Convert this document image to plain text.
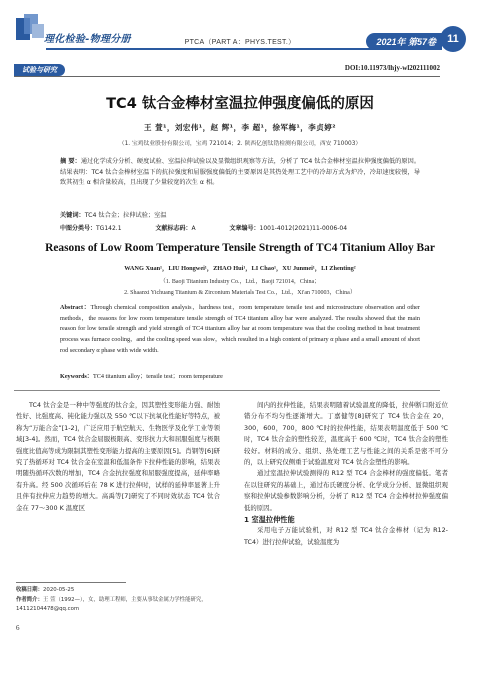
理化检验-物理分册	PTCA（PART A：PHYS.TEST.）	2021年 第57卷	11
试验与研究	DOI:10.11973/lhjy-wl202111002
TC4 钛合金棒材室温拉伸强度偏低的原因
王 萱¹，刘宏伟¹，赵 辉¹，李 超¹，徐军梅¹，李贞婷²
（1. 宝鸡钛业股份有限公司，宝鸡 721014；2. 陕西亿创钛锆检测有限公司，西安 710003）
摘 要：通过化学成分分析、硬度试验、室温拉伸试验以及显微组织观察等方法，分析了 TC4 钛合金棒材室温拉伸强度偏低的原因。结果表明：TC4 钛合金棒材室温下的抗拉强度和屈服强度偏低的主要原因是其热处理工艺中的冷却方式为炉冷，冷却速度较慢，导致其初生 α 相含量较高，且出现了少量较宽的次生 α 相。
关键词：TC4 钛合金；拉伸试验；室温
中图分类号：TG142.1	文献标志码：A	文章编号：1001-4012(2021)11-0006-04
Reasons of Low Room Temperature Tensile Strength of TC4 Titanium Alloy Bar
WANG Xuan¹，LIU Hongwei¹，ZHAO Hui¹，LI Chao¹，XU Junmei¹，LI Zhenting²
（1. Baoji Titanium Industry Co.，Ltd.，Baoji 721014，China；
2. Shaanxi Yichuang Titanium & Zirconium Materials Test Co.，Ltd.，Xi'an 710003，China）
Abstract：Through chemical composition analysis，hardness test，room temperature tensile test and microstructure observation and other methods，the reasons for low room temperature tensile strength of TC4 titanium alloy bar were analyzed. The results showed that the main reason for low tensile strength and yield strength of TC4 titanium alloy bar at room temperature was that the cooling method in heat treatment process was furnace cooling，and the cooling speed was slow，which resulted in a high content of primary α phase and a small amount of short rod secondary α phase with wide width.
Keywords：TC4 titanium alloy；tensile test；room temperature

TC4 钛合金是一种中等强度的钛合金，因其塑性变形能力强、耐蚀性好、比强度高、钝化能力强以及 550 ℃以下抗氧化性能好等特点，被称为“万能合金”[1-2]，广泛应用于航空航天、生物医学及化学工业等领域[3-4]。然而，TC4 钛合金屈服极限高、变形抗力大和屈服强度与极限强度比值高等成为限制其塑性变形能力提高的主要原因[5]。肖钢等[6]研究了热循环对 TC4 钛合金在室温和低温条件下拉伸性能的影响，结果表明随热循环次数的增加，TC4 合金抗拉强度和屈服强度提高，延伸率略有升高。经 500 次循环后在 78 K 进行拉伸时，试样的延伸率显著上升且伴有拉伸应力趋势的增大。高禹等[7]研究了不同时效状态 TC4 钛合金在 77～300 K 温度区

间内的拉伸性能，结果表明随着试验温度的降低，拉伸断口附近位错分布不均匀性逐渐增大。丁嘉健等[8]研究了 TC4 钛合金在 20，300，600，700，800 ℃时的拉伸性能，结果表明温度低于 500 ℃时，TC4 钛合金的塑性较差，温度高于 600 ℃时，TC4 钛合金的塑性较好。材料的成分、组织、热处理工艺与性能之间的关系是密不可分的，以上研究仅侧重于试验温度对 TC4 钛合金塑性的影响。

通过室温拉伸试验测得的 R12 型 TC4 合金棒材的强度偏低。笔者在以往研究的基础上，通过布氏硬度分析、化学成分分析、显微组织观察和拉伸试验参数影响分析，分析了 R12 型 TC4 合金棒材拉伸强度偏低的原因。

1 室温拉伸性能

采用电子万能试验机，对 R12 型 TC4 钛合金棒材（记为 R12-TC4）进行拉伸试验，试验温度为

收稿日期：2020-05-25
作者简介：王 萱（1992—），女，助理工程师，主要从事钛金属力学性能研究，14112104478@qq.com
6
